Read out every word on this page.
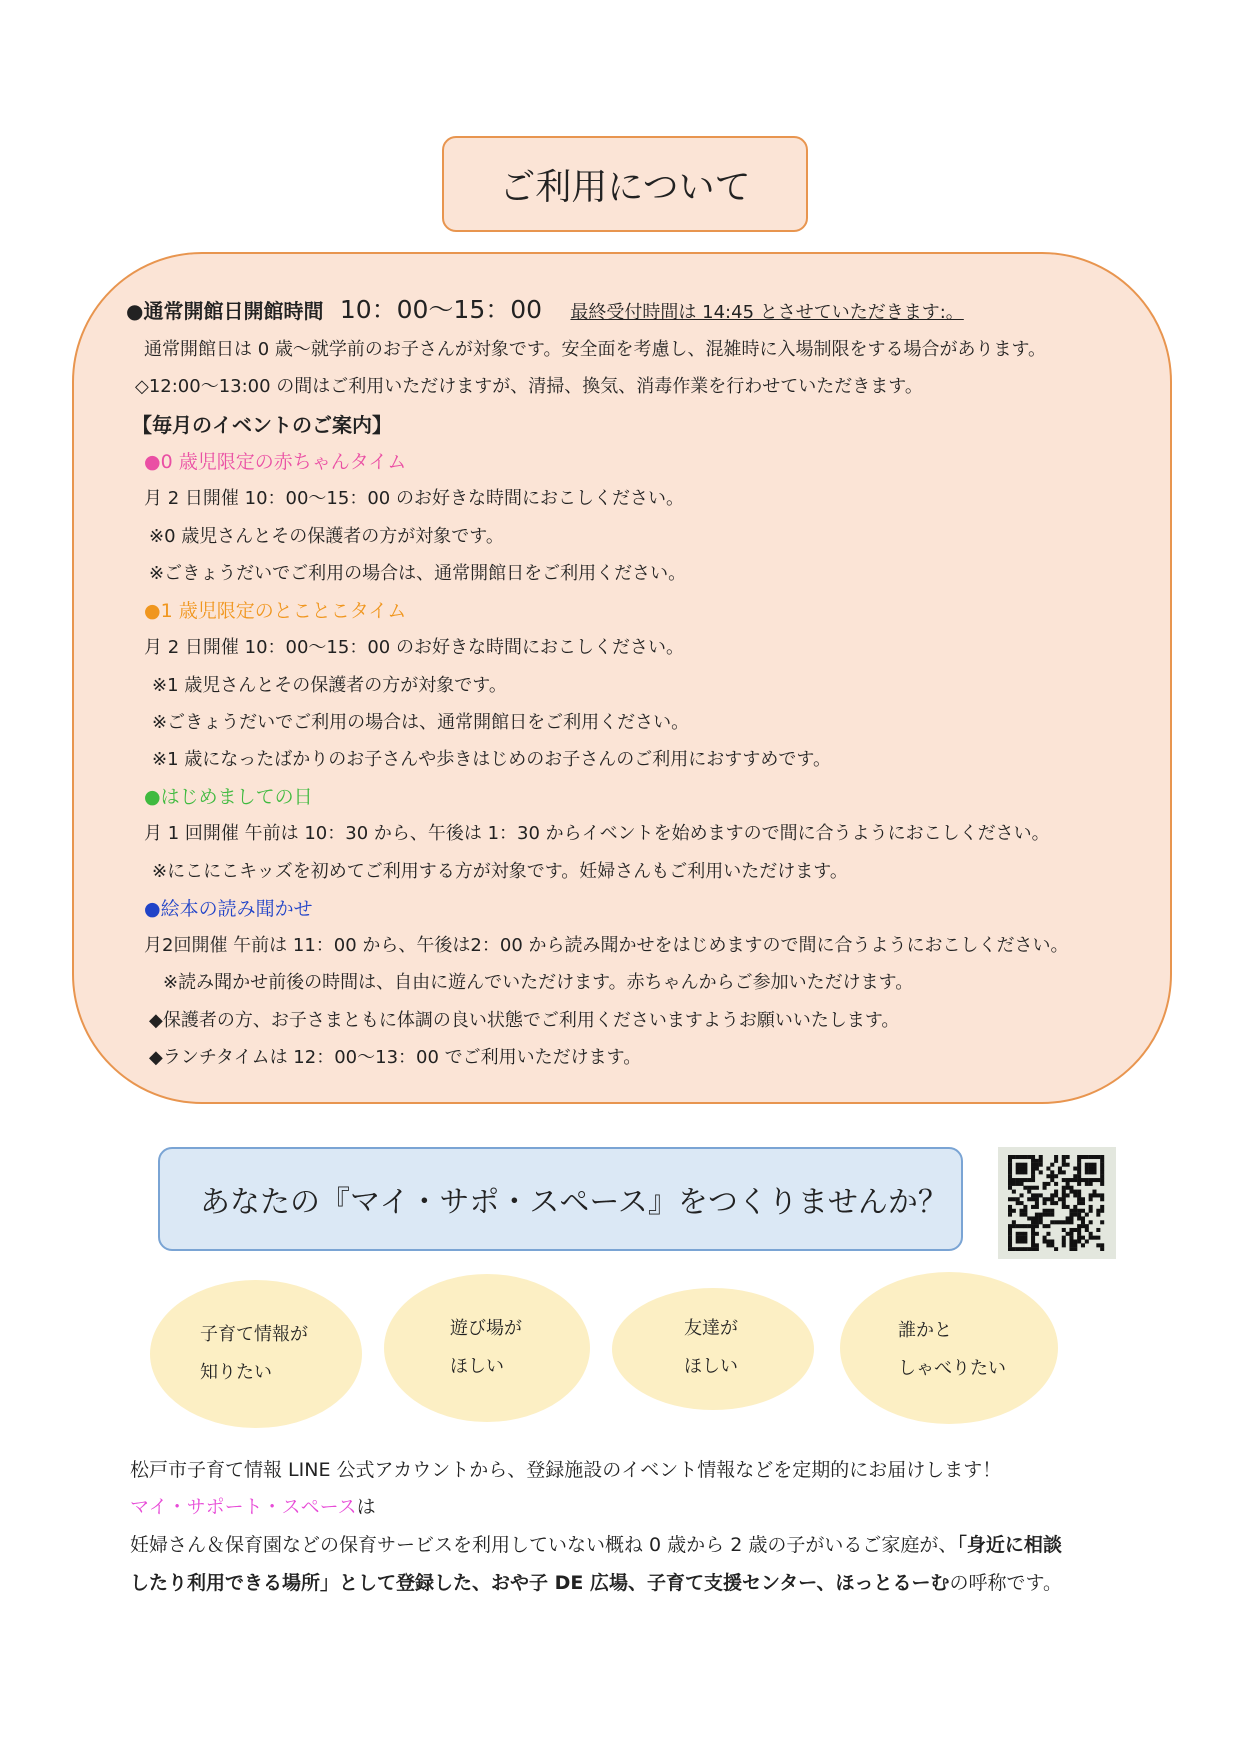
ご利用について
●通常開館日開館時間 10：00～15：00 最終受付時間は 14:45 とさせていただきます:。
通常開館日は 0 歳～就学前のお子さんが対象です。安全面を考慮し、混雑時に入場制限をする場合があります。
◇12:00～13:00 の間はご利用いただけますが、清掃、換気、消毒作業を行わせていただきます。
【毎月のイベントのご案内】
●0 歳児限定の赤ちゃんタイム
月 2 日開催 10：00～15：00 のお好きな時間におこしください。
※0 歳児さんとその保護者の方が対象です。
※ごきょうだいでご利用の場合は、通常開館日をご利用ください。
●1 歳児限定のとことこタイム
月 2 日開催 10：00～15：00 のお好きな時間におこしください。
※1 歳児さんとその保護者の方が対象です。
※ごきょうだいでご利用の場合は、通常開館日をご利用ください。
※1 歳になったばかりのお子さんや歩きはじめのお子さんのご利用におすすめです。
●はじめましての日
月 1 回開催 午前は 10：30 から、午後は 1：30 からイベントを始めますので間に合うようにおこしください。
※にこにこキッズを初めてご利用する方が対象です。妊婦さんもご利用いただけます。
●絵本の読み聞かせ
月2回開催 午前は 11：00 から、午後は2：00 から読み聞かせをはじめますので間に合うようにおこしください。
※読み聞かせ前後の時間は、自由に遊んでいただけます。赤ちゃんからご参加いただけます。
◆保護者の方、お子さまともに体調の良い状態でご利用くださいますようお願いいたします。
◆ランチタイムは 12：00～13：00 でご利用いただけます。
あなたの『マイ・サポ・スペース』をつくりませんか？
子育て情報が
知りたい
遊び場が
ほしい
友達が
ほしい
誰かと
しゃべりたい
松戸市子育て情報 LINE 公式アカウントから、登録施設のイベント情報などを定期的にお届けします！
マイ・サポート・スペースは
妊婦さん＆保育園などの保育サービスを利用していない概ね 0 歳から 2 歳の子がいるご家庭が、「身近に相談
したり利用できる場所」として登録した、おや子 DE 広場、子育て支援センター、ほっとるーむの呼称です。
